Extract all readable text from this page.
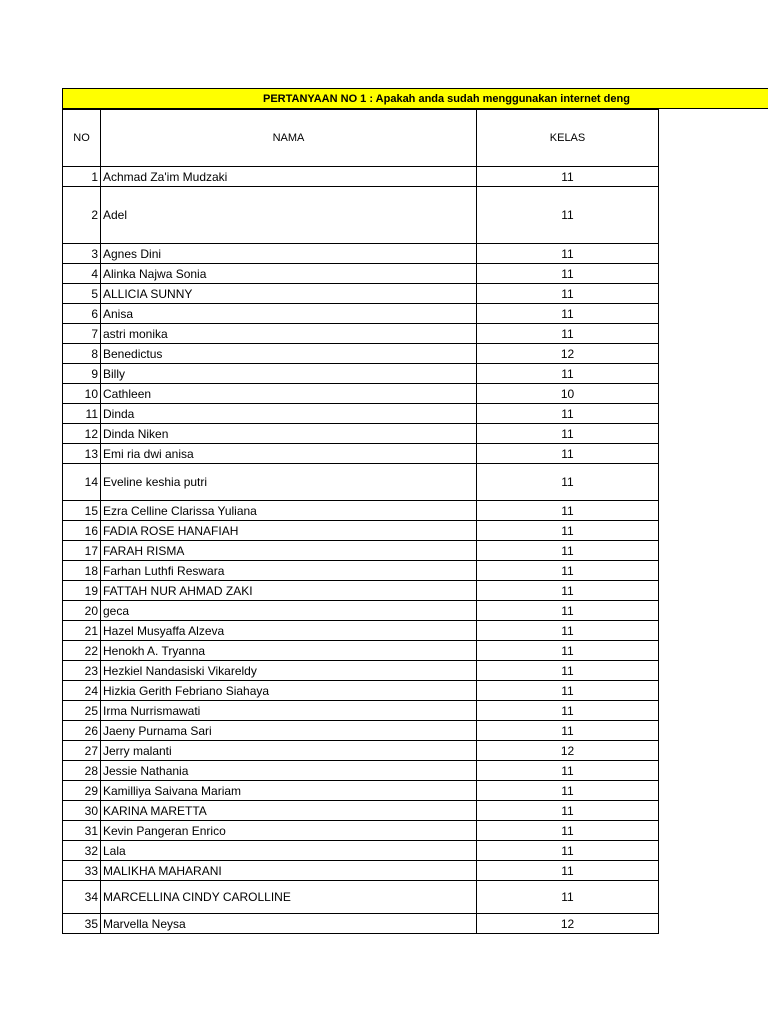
PERTANYAAN NO 1 : Apakah anda sudah menggunakan internet deng
NO	NAMA	KELAS
1	Achmad Za'im Mudzaki	11
2	Adel	11
3	Agnes Dini	11
4	Alinka Najwa Sonia	11
5	ALLICIA SUNNY	11
6	Anisa	11
7	astri monika	11
8	Benedictus	12
9	Billy	11
10	Cathleen	10
11	Dinda	11
12	Dinda Niken	11
13	Emi ria dwi anisa	11
14	Eveline keshia putri	11
15	Ezra Celline Clarissa Yuliana	11
16	FADIA ROSE HANAFIAH	11
17	FARAH RISMA	11
18	Farhan Luthfi Reswara	11
19	FATTAH NUR AHMAD ZAKI	11
20	geca	11
21	Hazel Musyaffa Alzeva	11
22	Henokh A. Tryanna	11
23	Hezkiel Nandasiski Vikareldy	11
24	Hizkia Gerith Febriano Siahaya	11
25	Irma Nurrismawati	11
26	Jaeny Purnama Sari	11
27	Jerry malanti	12
28	Jessie Nathania	11
29	Kamilliya Saivana Mariam	11
30	KARINA MARETTA	11
31	Kevin Pangeran Enrico	11
32	Lala	11
33	MALIKHA MAHARANI	11
34	MARCELLINA CINDY CAROLLINE	11
35	Marvella Neysa	12
